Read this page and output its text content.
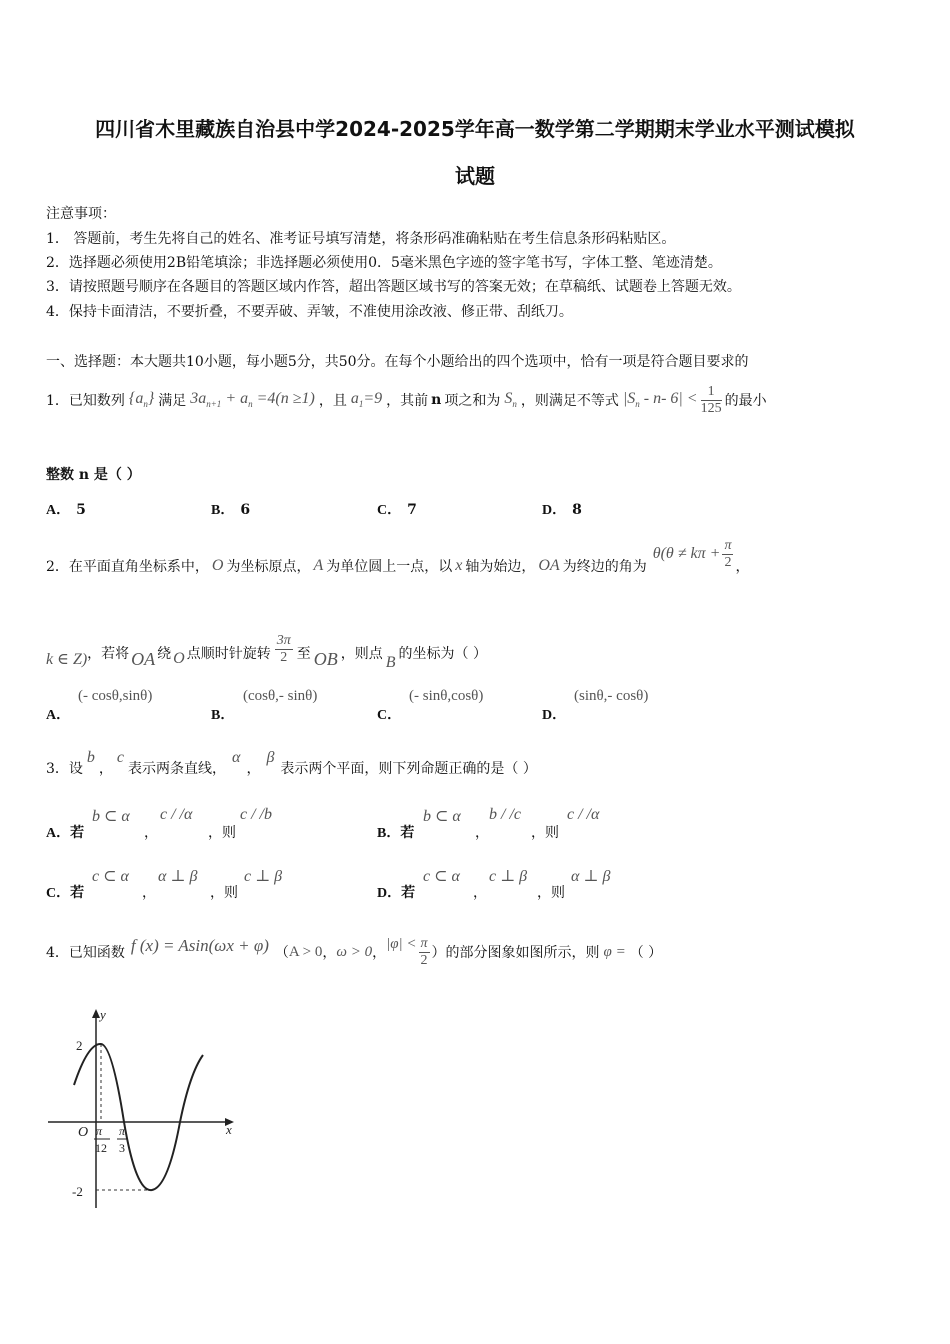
四川省木里藏族自治县中学2024-2025学年高一数学第二学期期末学业水平测试模拟
试题
注意事项：
1． 答题前，考生先将自己的姓名、准考证号填写清楚，将条形码准确粘贴在考生信息条形码粘贴区。
2．选择题必须使用2B铅笔填涂；非选择题必须使用0．5毫米黑色字迹的签字笔书写，字体工整、笔迹清楚。
3．请按照题号顺序在各题目的答题区域内作答，超出答题区域书写的答案无效；在草稿纸、试题卷上答题无效。
4．保持卡面清洁，不要折叠，不要弄破、弄皱，不准使用涂改液、修正带、刮纸刀。
一、选择题：本大题共10小题，每小题5分，共50分。在每个小题给出的四个选项中，恰有一项是符合题目要求的
1． 已知数列 $\{a_n\}$ 满足 $3a_{n+1} + a_n =4(n \ge 1)$ ，且 $a_1=9$ ，其前 n 项之和为 $S_n$ ，则满足不等式 $|S_n - n-$ $6| < \frac{1}{125}$ 的最小
整数 n 是（ ）
A． 5	B． 6	C． 7	D． 8
2． 在平面直角坐标系中， O 为坐标原点， A 为单位圆上一点，以 x 轴为始边， OA 为终边的角为
$\theta(\theta \ne k\pi + \frac{\pi}{2}$ ，
k ∈ Z) ，若将 OA 绕 O 点顺时针旋转 $\frac{3\pi}{2}$ 至 OB ，则点 B 的坐标为（ ）
A．
(- cosθ,sinθ)
B．
(cosθ,- sinθ)
C．
(- sinθ,cosθ)
D．
(sinθ,- cosθ)
3． 设
b
，
c
表示两条直线，
α
，
β
表示两个平面，则下列命题正确的是（ ）
A．若
b ⊂ α
，
c / /α
，则
c / /b
B．若
b ⊂ α
，
b / /c
，则
c / /α
C．若
c ⊂ α
，
α ⊥ β
，则
c ⊥ β
D．若
c ⊂ α
，
c ⊥ β
，则
α ⊥ β
4． 已知函数 f (x) = Asin(ωx + φ) （ A > 0 ， ω > 0 ，
$|\varphi| < \frac{\pi}{2}$ ）的部分图象如图所示，则 φ = （ ）
y
x
O
2
-2
π
12
π
3
